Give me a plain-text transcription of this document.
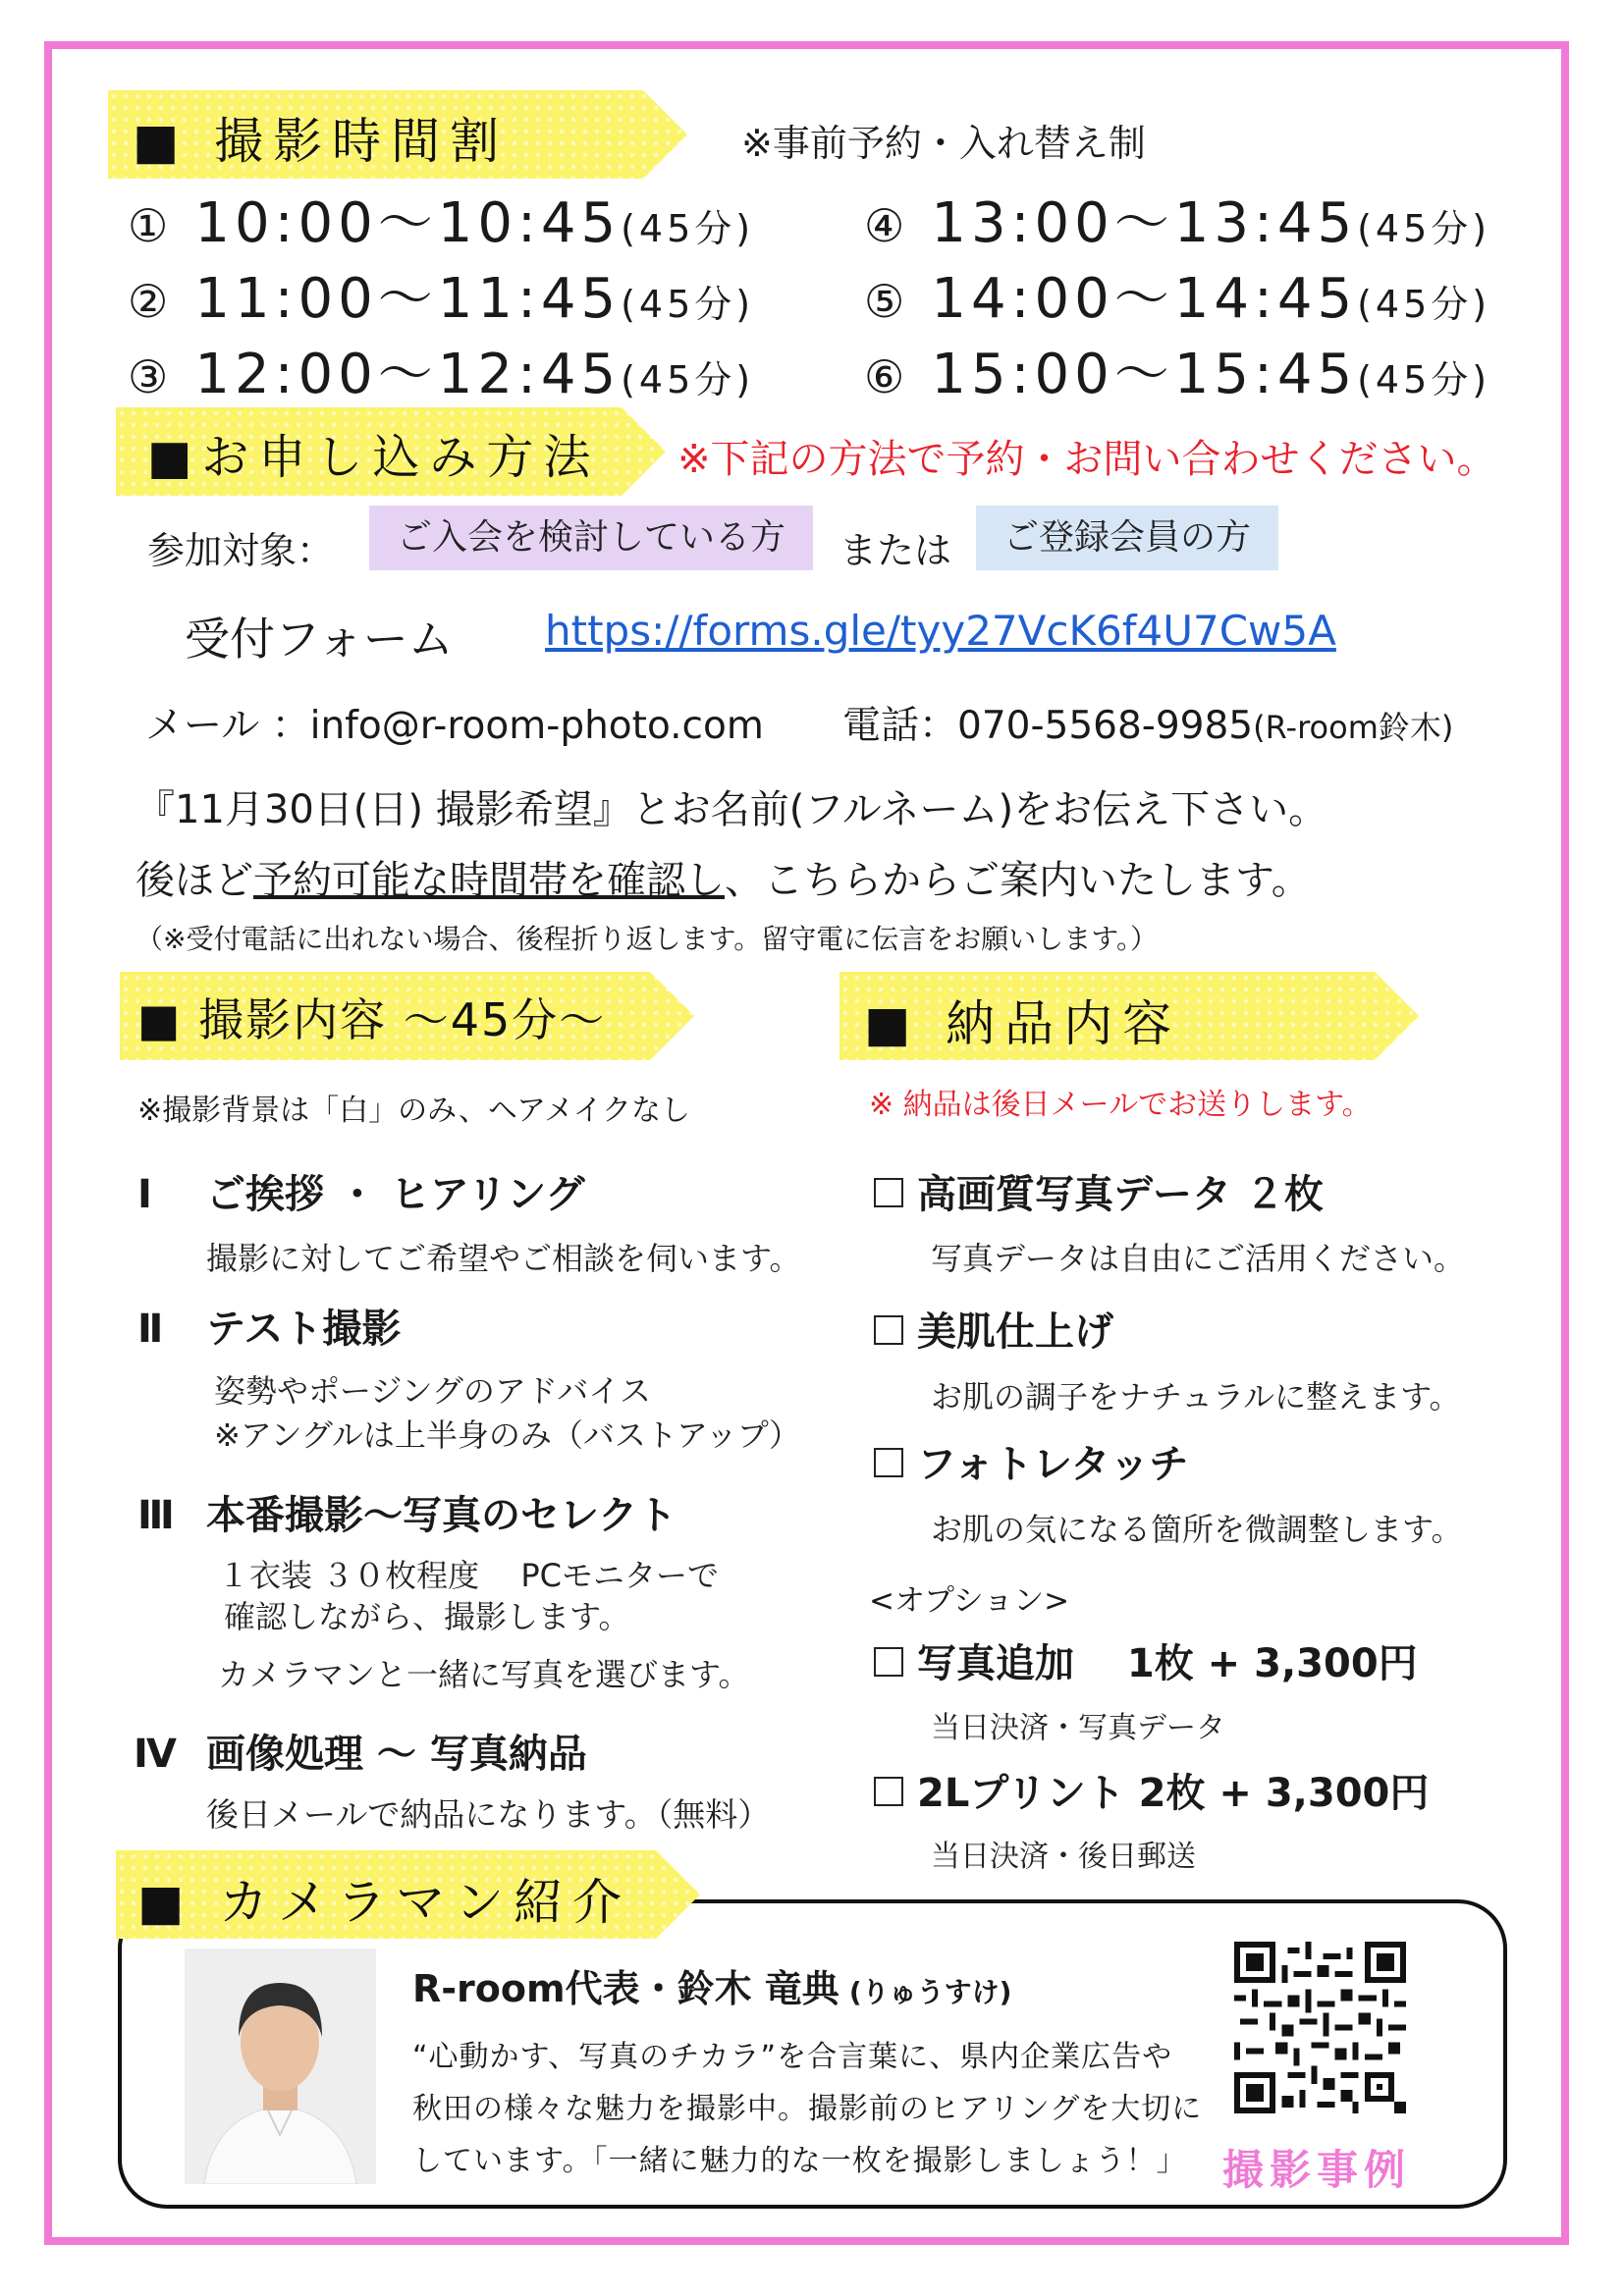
■ 撮影時間割	※事前予約・入れ替え制
① 10:00～10:45(45分)
② 11:00～11:45(45分)
③ 12:00～12:45(45分)
④ 13:00～13:45(45分)
⑤ 14:00～14:45(45分)
⑥ 15:00～15:45(45分)
■お申し込み方法 ※下記の方法で予約・お問い合わせください。
参加対象：	ご入会を検討している方	または	ご登録会員の方
受付フォーム https://forms.gle/tyy27VcK6f4U7Cw5A
メール ：info@r-room-photo.com 電話：070-5568-9985(R-room鈴木)
『11月30日(日) 撮影希望』とお名前(フルネーム)をお伝え下さい。
後ほど予約可能な時間帯を確認し、こちらからご案内いたします。
（※受付電話に出れない場合、後程折り返します。留守電に伝言をお願いします。）
■ 撮影内容 ～45分～
※撮影背景は「白」のみ、ヘアメイクなし
Ⅰ ご挨拶 ・ ヒアリング
撮影に対してご希望やご相談を伺います。
Ⅱ テスト撮影
姿勢やポージングのアドバイス
※アングルは上半身のみ（バストアップ）
Ⅲ 本番撮影～写真のセレクト
１衣装 ３０枚程度　 PCモニターで
確認しながら、撮影します。
カメラマンと一緒に写真を選びます。
Ⅳ 画像処理 ～ 写真納品
後日メールで納品になります。（無料）
■ 納品内容
※ 納品は後日メールでお送りします。
高画質写真データ ２枚
写真データは自由にご活用ください。
美肌仕上げ
お肌の調子をナチュラルに整えます。
フォトレタッチ
お肌の気になる箇所を微調整します。
<オプション>
写真追加　 1枚 + 3,300円
当日決済・写真データ
2Lプリント 2枚 + 3,300円
当日決済・後日郵送
■ カメラマン紹介
R-room代表・鈴木 竜典 (りゅうすけ)
“心動かす、写真のチカラ”を合言葉に、県内企業広告や
秋田の様々な魅力を撮影中。撮影前のヒアリングを大切に
しています。「一緒に魅力的な一枚を撮影しましょう！」 撮影事例
